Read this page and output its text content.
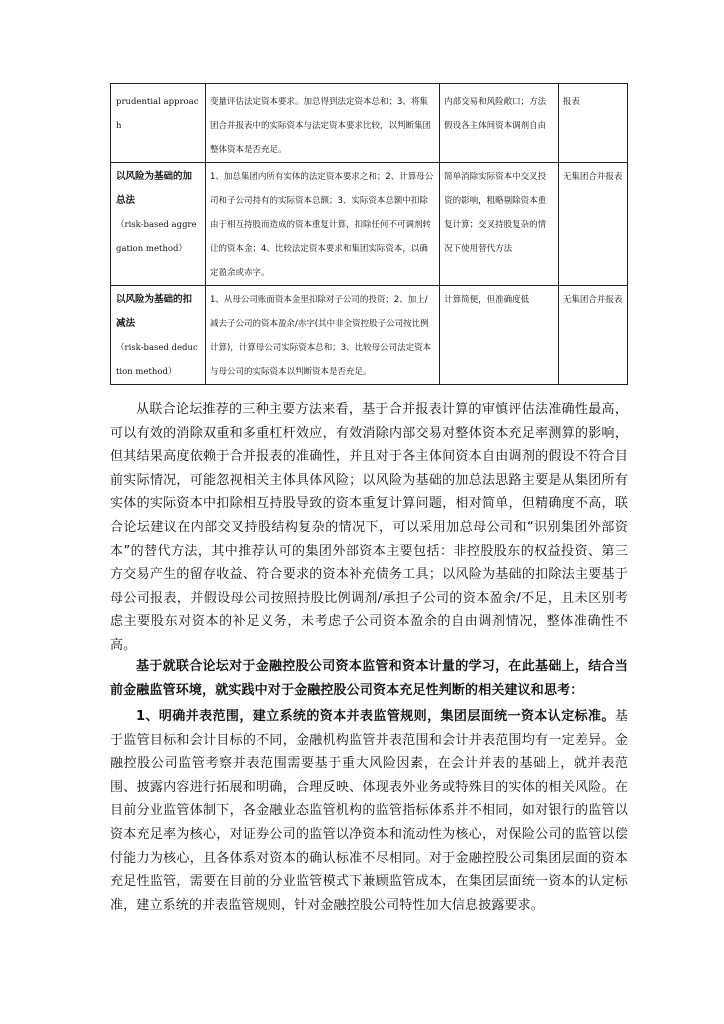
prudential approach	变量评估法定资本要求。加总得到法定资本总和；3、将集团合并报表中的实际资本与法定资本要求比较，以判断集团整体资本是否充足。	内部交易和风险敞口；方法假设各主体间资本调剂自由	报表

以风险为基础的加总法
（risk-based aggregation method）	1、加总集团内所有实体的法定资本要求之和；2、计算母公司和子公司持有的实际资本总额；3、实际资本总额中扣除由于相互持股而造成的资本重复计算，扣除任何不可调剂转让的资本金；4、比较法定资本要求和集团实际资本，以确定盈余或赤字。	简单消除实际资本中交叉投资的影响，粗略剔除资本重复计算；交叉持股复杂的情况下使用替代方法	无集团合并报表

以风险为基础的扣减法
（risk-based deduction method）	1、从母公司账面资本金里扣除对子公司的投资；2、加上/减去子公司的资本盈余/赤字(其中非全资控股子公司按比例计算)，计算母公司实际资本总和；3、比较母公司法定资本与母公司的实际资本以判断资本是否充足。	计算简便，但准确度低	无集团合并报表

从联合论坛推荐的三种主要方法来看，基于合并报表计算的审慎评估法准确性最高，可以有效的消除双重和多重杠杆效应，有效消除内部交易对整体资本充足率测算的影响，但其结果高度依赖于合并报表的准确性，并且对于各主体间资本自由调剂的假设不符合目前实际情况，可能忽视相关主体具体风险；以风险为基础的加总法思路主要是从集团所有实体的实际资本中扣除相互持股导致的资本重复计算问题，相对简单，但精确度不高，联合论坛建议在内部交叉持股结构复杂的情况下，可以采用加总母公司和“识别集团外部资本”的替代方法，其中推荐认可的集团外部资本主要包括：非控股股东的权益投资、第三方交易产生的留存收益、符合要求的资本补充债务工具；以风险为基础的扣除法主要基于母公司报表，并假设母公司按照持股比例调剂/承担子公司的资本盈余/不足，且未区别考虑主要股东对资本的补足义务，未考虑子公司资本盈余的自由调剂情况，整体准确性不高。

基于就联合论坛对于金融控股公司资本监管和资本计量的学习，在此基础上，结合当前金融监管环境，就实践中对于金融控股公司资本充足性判断的相关建议和思考：

1、明确并表范围，建立系统的资本并表监管规则，集团层面统一资本认定标准。基于监管目标和会计目标的不同，金融机构监管并表范围和会计并表范围均有一定差异。金融控股公司监管考察并表范围需要基于重大风险因素，在会计并表的基础上，就并表范围、披露内容进行拓展和明确，合理反映、体现表外业务或特殊目的实体的相关风险。在目前分业监管体制下，各金融业态监管机构的监管指标体系并不相同，如对银行的监管以资本充足率为核心，对证券公司的监管以净资本和流动性为核心，对保险公司的监管以偿付能力为核心，且各体系对资本的确认标准不尽相同。对于金融控股公司集团层面的资本充足性监管，需要在目前的分业监管模式下兼顾监管成本，在集团层面统一资本的认定标准，建立系统的并表监管规则，针对金融控股公司特性加大信息披露要求。
